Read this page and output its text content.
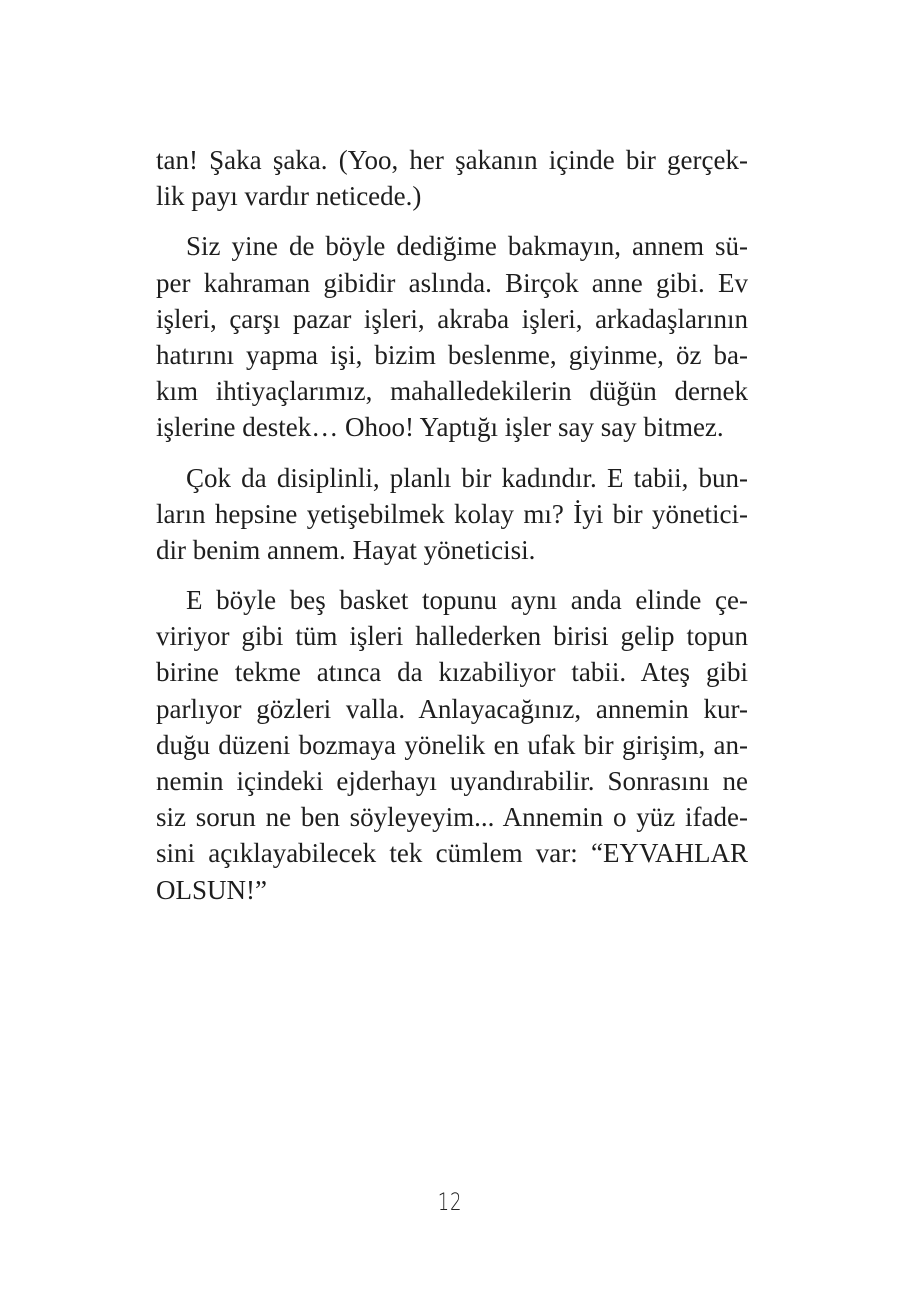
tan! Şaka şaka. (Yoo, her şakanın içinde bir gerçek-
lik payı vardır neticede.)

Siz yine de böyle dediğime bakmayın, annem sü-
per kahraman gibidir aslında. Birçok anne gibi. Ev
işleri, çarşı pazar işleri, akraba işleri, arkadaşlarının
hatırını yapma işi, bizim beslenme, giyinme, öz ba-
kım ihtiyaçlarımız, mahalledekilerin düğün dernek
işlerine destek… Ohoo! Yaptığı işler say say bitmez.

Çok da disiplinli, planlı bir kadındır. E tabii, bun-
ların hepsine yetişebilmek kolay mı? İyi bir yönetici-
dir benim annem. Hayat yöneticisi.

E böyle beş basket topunu aynı anda elinde çe-
viriyor gibi tüm işleri hallederken birisi gelip topun
birine tekme atınca da kızabiliyor tabii. Ateş gibi
parlıyor gözleri valla. Anlayacağınız, annemin kur-
duğu düzeni bozmaya yönelik en ufak bir girişim, an-
nemin içindeki ejderhayı uyandırabilir. Sonrasını ne
siz sorun ne ben söyleyeyim... Annemin o yüz ifade-
sini açıklayabilecek tek cümlem var: “EYVAHLAR
OLSUN!”

12
